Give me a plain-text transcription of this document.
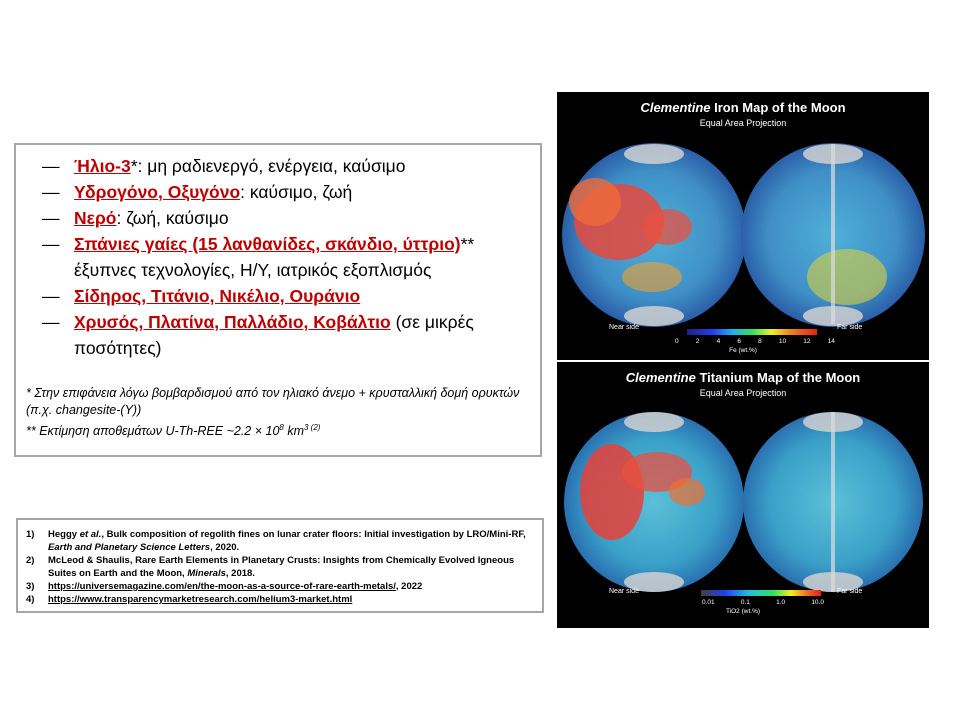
— Ήλιο-3*: μη ραδιενεργό, ενέργεια, καύσιμο
— Υδρογόνο, Οξυγόνο: καύσιμο, ζωή
— Νερό: ζωή, καύσιμο
— Σπάνιες γαίες (15 λανθανίδες, σκάνδιο, ύττριο)** έξυπνες τεχνολογίες, Η/Υ, ιατρικός εξοπλισμός
— Σίδηρος, Τιτάνιο, Νικέλιο, Ουράνιο
— Χρυσός, Πλατίνα, Παλλάδιο, Κοβάλτιο (σε μικρές ποσότητες)
* Στην επιφάνεια λόγω βομβαρδισμού από τον ηλιακό άνεμο + κρυσταλλική δομή ορυκτών (π.χ. changesite-(Y))
** Εκτίμηση αποθεμάτων U-Th-REE ~2.2 × $10^8$ $km^{3 (2)}$
1) Heggy et al., Bulk composition of regolith fines on lunar crater floors: Initial investigation by LRO/Mini-RF, Earth and Planetary Science Letters, 2020.
2) McLeod & Shaulis, Rare Earth Elements in Planetary Crusts: Insights from Chemically Evolved Igneous Suites on Earth and the Moon, Minerals, 2018.
3) https://universemagazine.com/en/the-moon-as-a-source-of-rare-earth-metals/, 2022
4) https://www.transparencymarketresearch.com/helium3-market.html
Clementine Iron Map of the Moon
Equal Area Projection
Near side	Far side
0	2	4	6	8	10	12	14
Fe (wt.%)
Clementine Titanium Map of the Moon
Equal Area Projection
Near side	Far side
0.01	0.1	1.0	10.0
TiO2 (wt.%)
